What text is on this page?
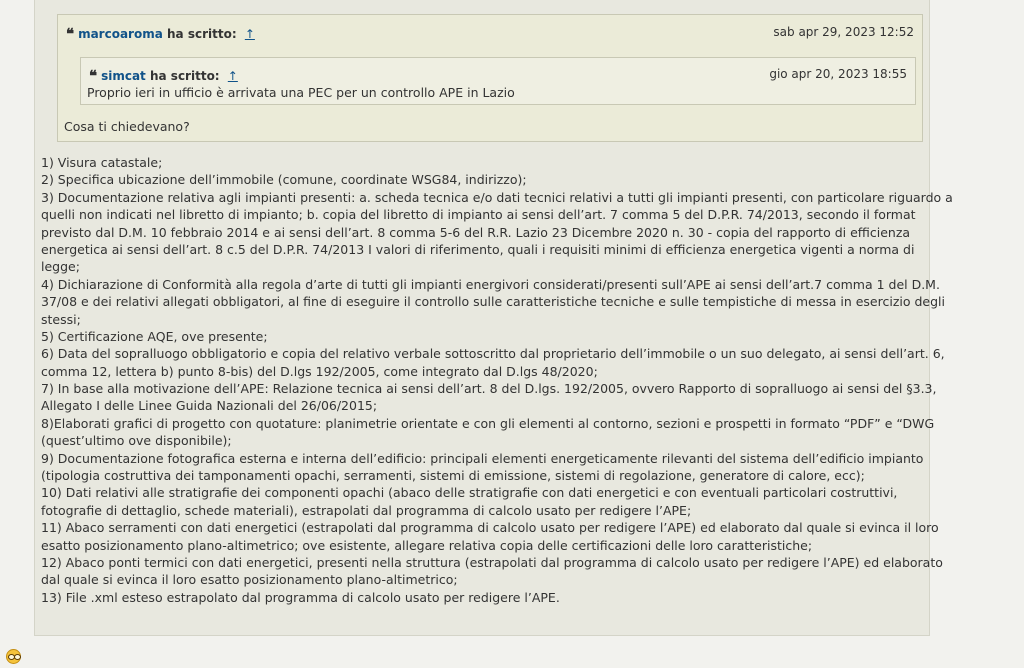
❝ marcoaroma ha scritto: ↑	sab apr 29, 2023 12:52
❝ simcat ha scritto: ↑	gio apr 20, 2023 18:55
Proprio ieri in ufficio è arrivata una PEC per un controllo APE in Lazio
Cosa ti chiedevano?
1) Visura catastale;
2) Specifica ubicazione dell’immobile (comune, coordinate WSG84, indirizzo);
3) Documentazione relativa agli impianti presenti: a. scheda tecnica e/o dati tecnici relativi a tutti gli impianti presenti, con particolare riguardo a
quelli non indicati nel libretto di impianto; b. copia del libretto di impianto ai sensi dell’art. 7 comma 5 del D.P.R. 74/2013, secondo il format
previsto dal D.M. 10 febbraio 2014 e ai sensi dell’art. 8 comma 5-6 del R.R. Lazio 23 Dicembre 2020 n. 30 - copia del rapporto di efficienza
energetica ai sensi dell’art. 8 c.5 del D.P.R. 74/2013 I valori di riferimento, quali i requisiti minimi di efficienza energetica vigenti a norma di
legge;
4) Dichiarazione di Conformità alla regola d’arte di tutti gli impianti energivori considerati/presenti sull’APE ai sensi dell’art.7 comma 1 del D.M.
37/08 e dei relativi allegati obbligatori, al fine di eseguire il controllo sulle caratteristiche tecniche e sulle tempistiche di messa in esercizio degli
stessi;
5) Certificazione AQE, ove presente;
6) Data del sopralluogo obbligatorio e copia del relativo verbale sottoscritto dal proprietario dell’immobile o un suo delegato, ai sensi dell’art. 6,
comma 12, lettera b) punto 8-bis) del D.lgs 192/2005, come integrato dal D.lgs 48/2020;
7) In base alla motivazione dell’APE: Relazione tecnica ai sensi dell’art. 8 del D.lgs. 192/2005, ovvero Rapporto di sopralluogo ai sensi del §3.3,
Allegato I delle Linee Guida Nazionali del 26/06/2015;
8)Elaborati grafici di progetto con quotature: planimetrie orientate e con gli elementi al contorno, sezioni e prospetti in formato “PDF” e “DWG
(quest’ultimo ove disponibile);
9) Documentazione fotografica esterna e interna dell’edificio: principali elementi energeticamente rilevanti del sistema dell’edificio impianto
(tipologia costruttiva dei tamponamenti opachi, serramenti, sistemi di emissione, sistemi di regolazione, generatore di calore, ecc);
10) Dati relativi alle stratigrafie dei componenti opachi (abaco delle stratigrafie con dati energetici e con eventuali particolari costruttivi,
fotografie di dettaglio, schede materiali), estrapolati dal programma di calcolo usato per redigere l’APE;
11) Abaco serramenti con dati energetici (estrapolati dal programma di calcolo usato per redigere l’APE) ed elaborato dal quale si evinca il loro
esatto posizionamento plano-altimetrico; ove esistente, allegare relativa copia delle certificazioni delle loro caratteristiche;
12) Abaco ponti termici con dati energetici, presenti nella struttura (estrapolati dal programma di calcolo usato per redigere l’APE) ed elaborato
dal quale si evinca il loro esatto posizionamento plano-altimetrico;
13) File .xml esteso estrapolato dal programma di calcolo usato per redigere l’APE.
